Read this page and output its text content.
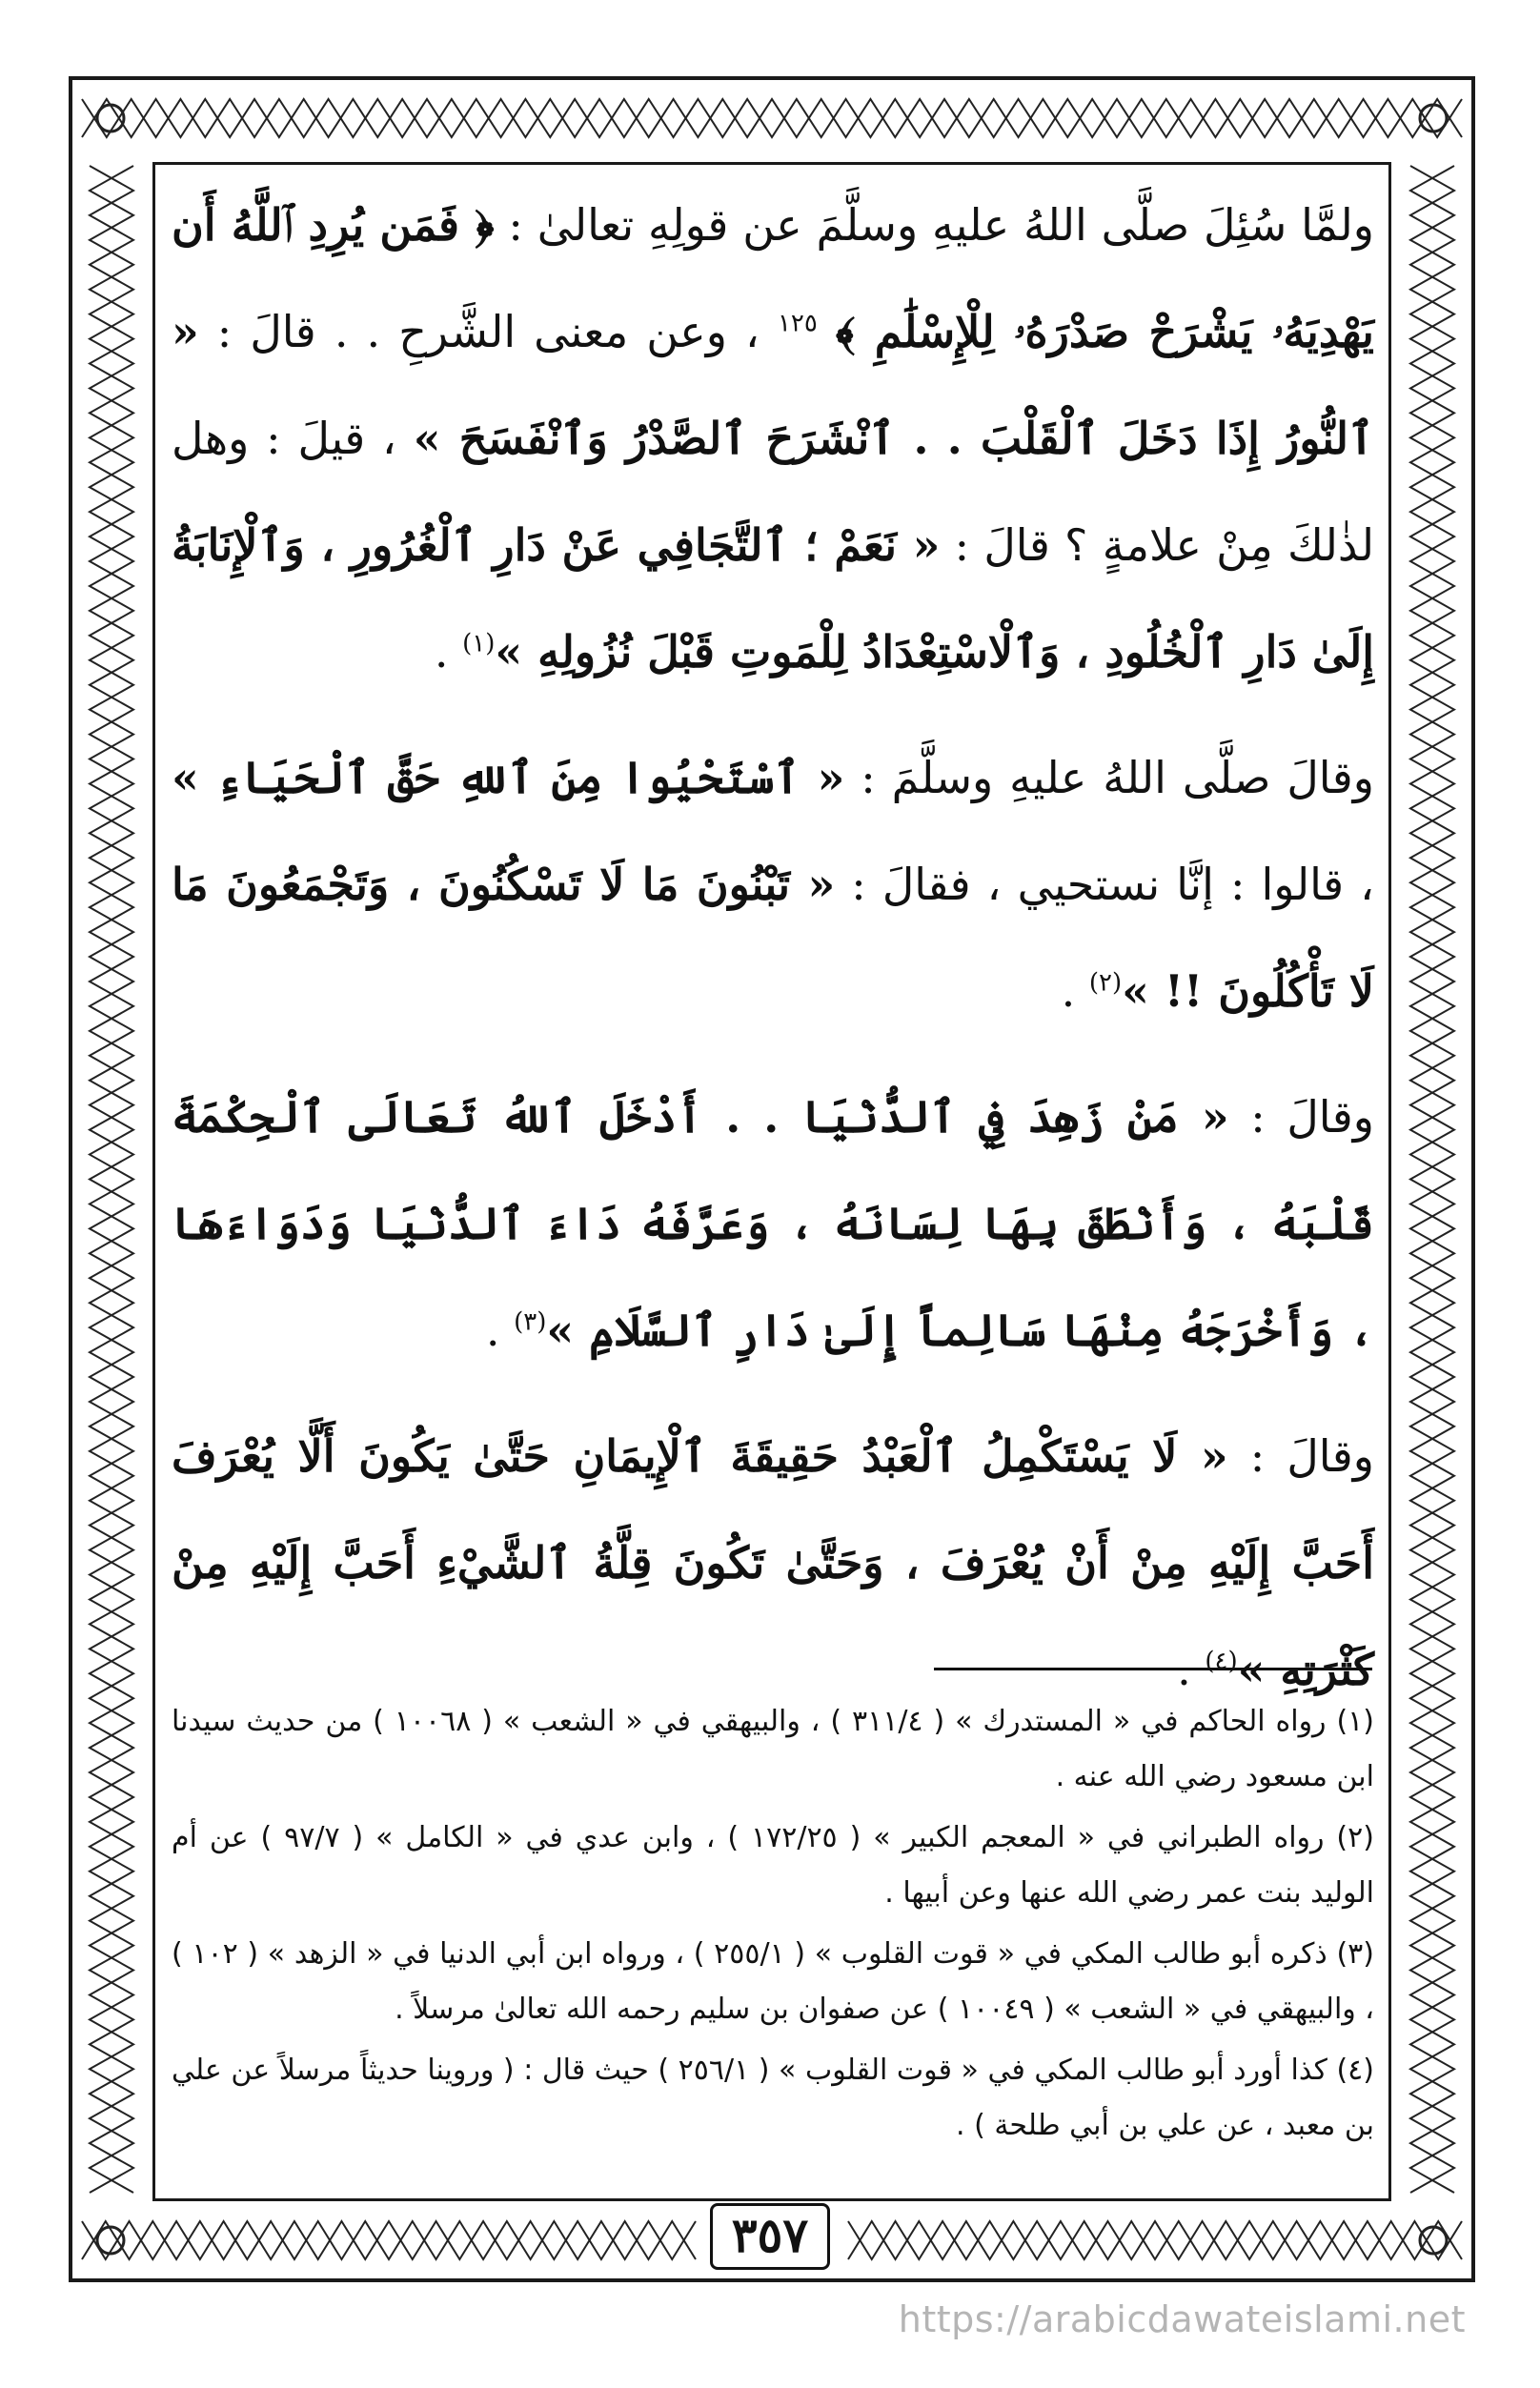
ولمَّا سُئِلَ صلَّى اللهُ عليهِ وسلَّمَ عن قولِهِ تعالىٰ : ﴿ فَمَن يُرِدِ ٱللَّهُ أَن يَهْدِيَهُۥ يَشْرَحْ صَدْرَهُۥ لِلْإِسْلَٰمِ ﴾ $^{١٢٥}$ ، وعن معنى الشَّرحِ . . قالَ : « ٱلنُّورُ إِذَا دَخَلَ ٱلْقَلْبَ . . ٱنْشَرَحَ ٱلصَّدْرُ وَٱنْفَسَحَ » ، قيلَ : وهل لذٰلكَ مِنْ علامةٍ ؟ قالَ : « نَعَمْ ؛ ٱلتَّجَافِي عَنْ دَارِ ٱلْغُرُورِ ، وَٱلْإِنَابَةُ إِلَىٰ دَارِ ٱلْخُلُودِ ، وَٱلْاسْتِعْدَادُ لِلْمَوتِ قَبْلَ نُزُولِهِ »$^{(١)}$ .

وقالَ صلَّى اللهُ عليهِ وسلَّمَ : « ٱسْتَحْيُوا مِنَ ٱللهِ حَقَّ ٱلْحَيَاءِ » ، قالوا : إنَّا نستحيي ، فقالَ : « تَبْنُونَ مَا لَا تَسْكُنُونَ ، وَتَجْمَعُونَ مَا لَا تَأْكُلُونَ !! »$^{(٢)}$ .

وقالَ : « مَنْ زَهِدَ فِي ٱلدُّنْيَا . . أَدْخَلَ ٱللهُ تَعَالَى ٱلْحِكْمَةَ قَلْبَهُ ، وَأَنْطَقَ بِهَا لِسَانَهُ ، وَعَرَّفَهُ دَاءَ ٱلدُّنْيَا وَدَوَاءَهَا ، وَأَخْرَجَهُ مِنْهَا سَالِماً إِلَىٰ دَارِ ٱلسَّلَامِ »$^{(٣)}$ .

وقالَ : « لَا يَسْتَكْمِلُ ٱلْعَبْدُ حَقِيقَةَ ٱلْإِيمَانِ حَتَّىٰ يَكُونَ أَلَّا يُعْرَفَ أَحَبَّ إِلَيْهِ مِنْ أَنْ يُعْرَفَ ، وَحَتَّىٰ تَكُونَ قِلَّةُ ٱلشَّيْءِ أَحَبَّ إِلَيْهِ مِنْ كَثْرَتِهِ »$^{(٤)}$ .

(١) رواه الحاكم في « المستدرك » ( ٣١١/٤ ) ، والبيهقي في « الشعب » ( ١٠٠٦٨ ) من حديث سيدنا ابن مسعود رضي الله عنه .

(٢) رواه الطبراني في « المعجم الكبير » ( ١٧٢/٢٥ ) ، وابن عدي في « الكامل » ( ٩٧/٧ ) عن أم الوليد بنت عمر رضي الله عنها وعن أبيها .

(٣) ذكره أبو طالب المكي في « قوت القلوب » ( ٢٥٥/١ ) ، ورواه ابن أبي الدنيا في « الزهد » ( ١٠٢ ) ، والبيهقي في « الشعب » ( ١٠٠٤٩ ) عن صفوان بن سليم رحمه الله تعالىٰ مرسلاً .

(٤) كذا أورد أبو طالب المكي في « قوت القلوب » ( ٢٥٦/١ ) حيث قال : ( وروينا حديثاً مرسلاً عن علي بن معبد ، عن علي بن أبي طلحة ) .

٣٥٧
https://arabicdawateislami.net
